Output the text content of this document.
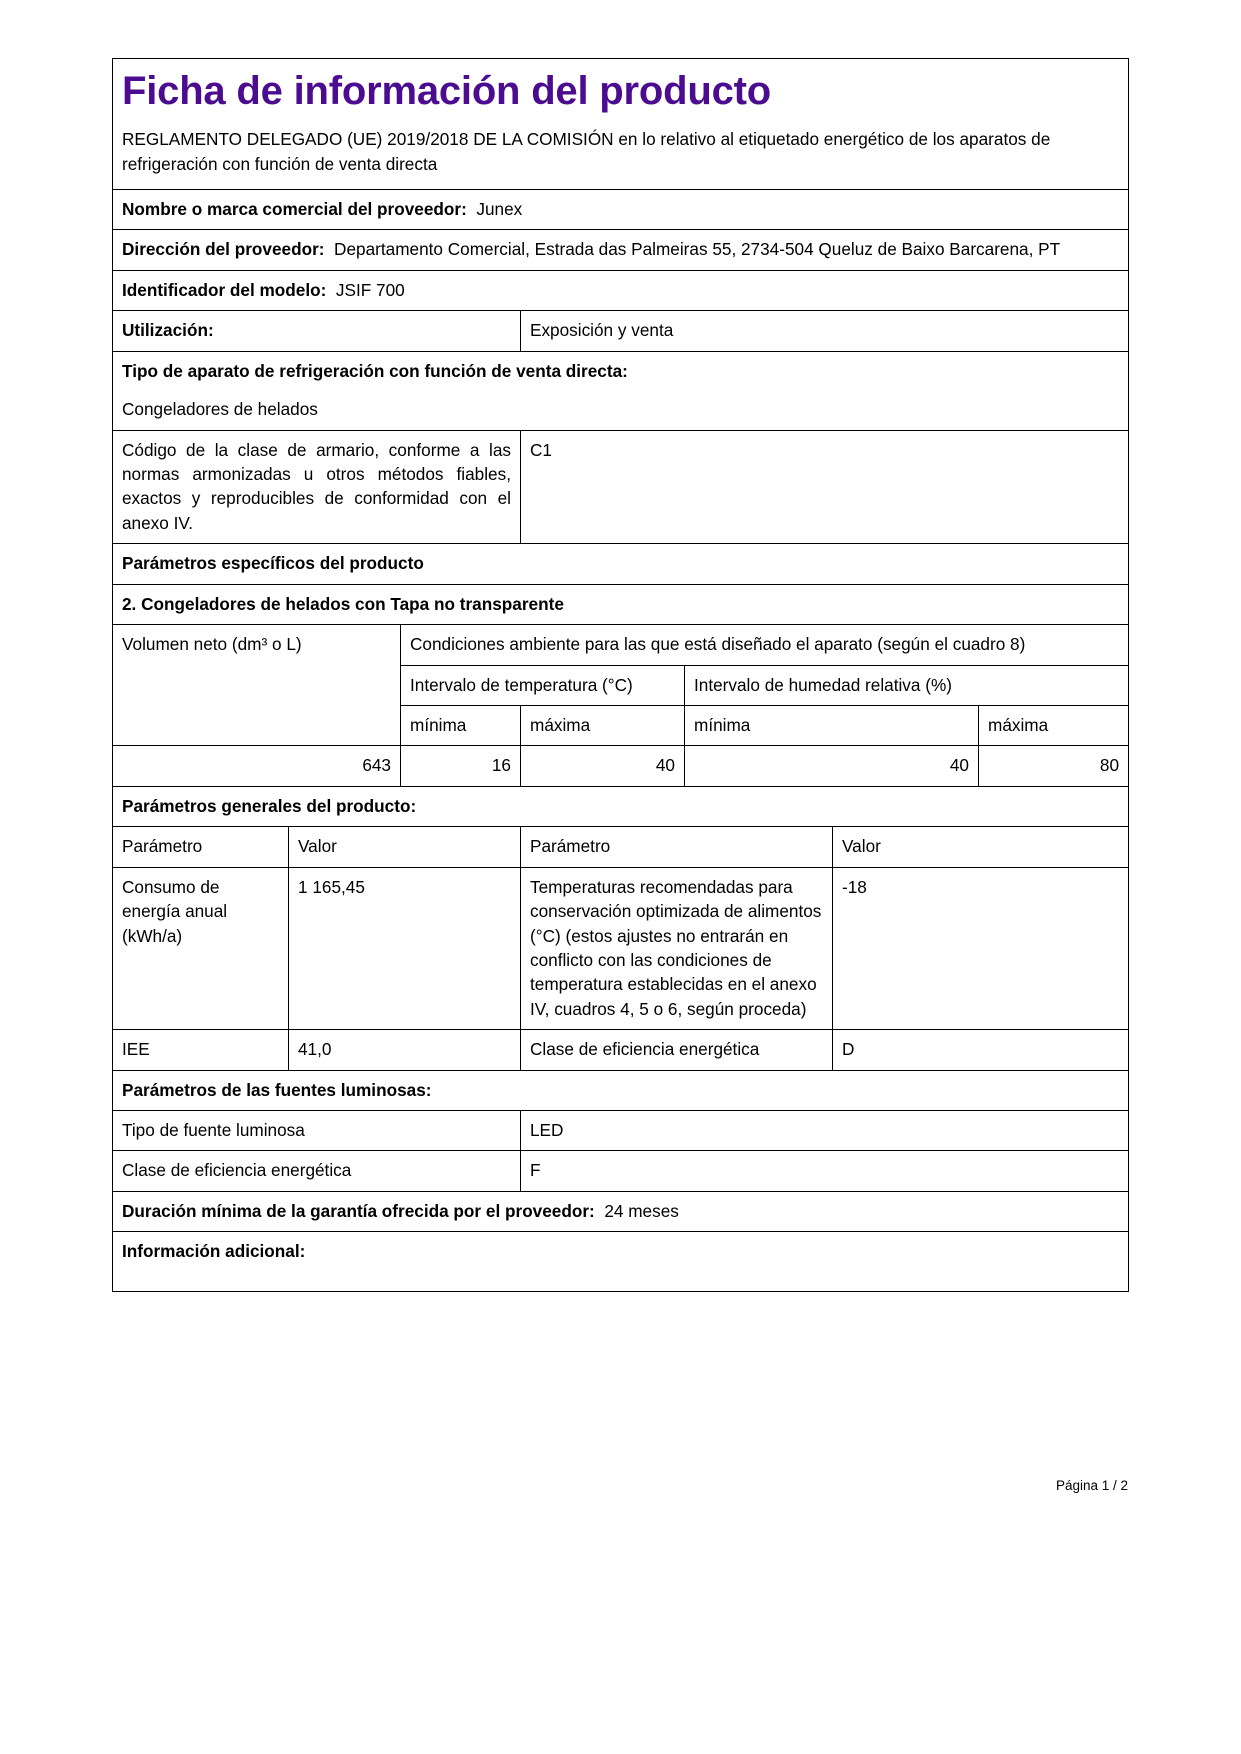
Ficha de información del producto
REGLAMENTO DELEGADO (UE) 2019/2018 DE LA COMISIÓN en lo relativo al etiquetado energético de los aparatos de refrigeración con función de venta directa

Nombre o marca comercial del proveedor: Junex						
Dirección del proveedor: Departamento Comercial, Estrada das Palmeiras 55, 2734-504 Queluz de Baixo Barcarena, PT						
Identificador del modelo: JSIF 700						
Utilización:			Exposición y venta			

Tipo de aparato de refrigeración con función de venta directa:
Congeladores de helados						

Código de la clase de armario, conforme a las normas armonizadas u otros métodos fiables, exactos y reproducibles de conformidad con el anexo IV.			C1			
Parámetros específicos del producto						
2. Congeladores de helados con Tapa no transparente						
Volumen neto (dm³ o L)		Condiciones ambiente para las que está diseñado el aparato (según el cuadro 8)				
		Intervalo de temperatura (°C)		Intervalo de humedad relativa (%)		
		mínima	máxima	mínima		máxima
643		16	40	40		80
Parámetros generales del producto:						
Parámetro	Valor		Parámetro		Valor	
Consumo de energía anual (kWh/a)	1 165,45		Temperaturas recomendadas para conservación optimizada de alimentos (°C) (estos ajustes no entrarán en conflicto con las condiciones de temperatura establecidas en el anexo IV, cuadros 4, 5 o 6, según proceda)		-18	
IEE	41,0		Clase de eficiencia energética		D	
Parámetros de las fuentes luminosas:						
Tipo de fuente luminosa			LED			
Clase de eficiencia energética			F			
Duración mínima de la garantía ofrecida por el proveedor: 24 meses						
Información adicional:						
Página 1 / 2
